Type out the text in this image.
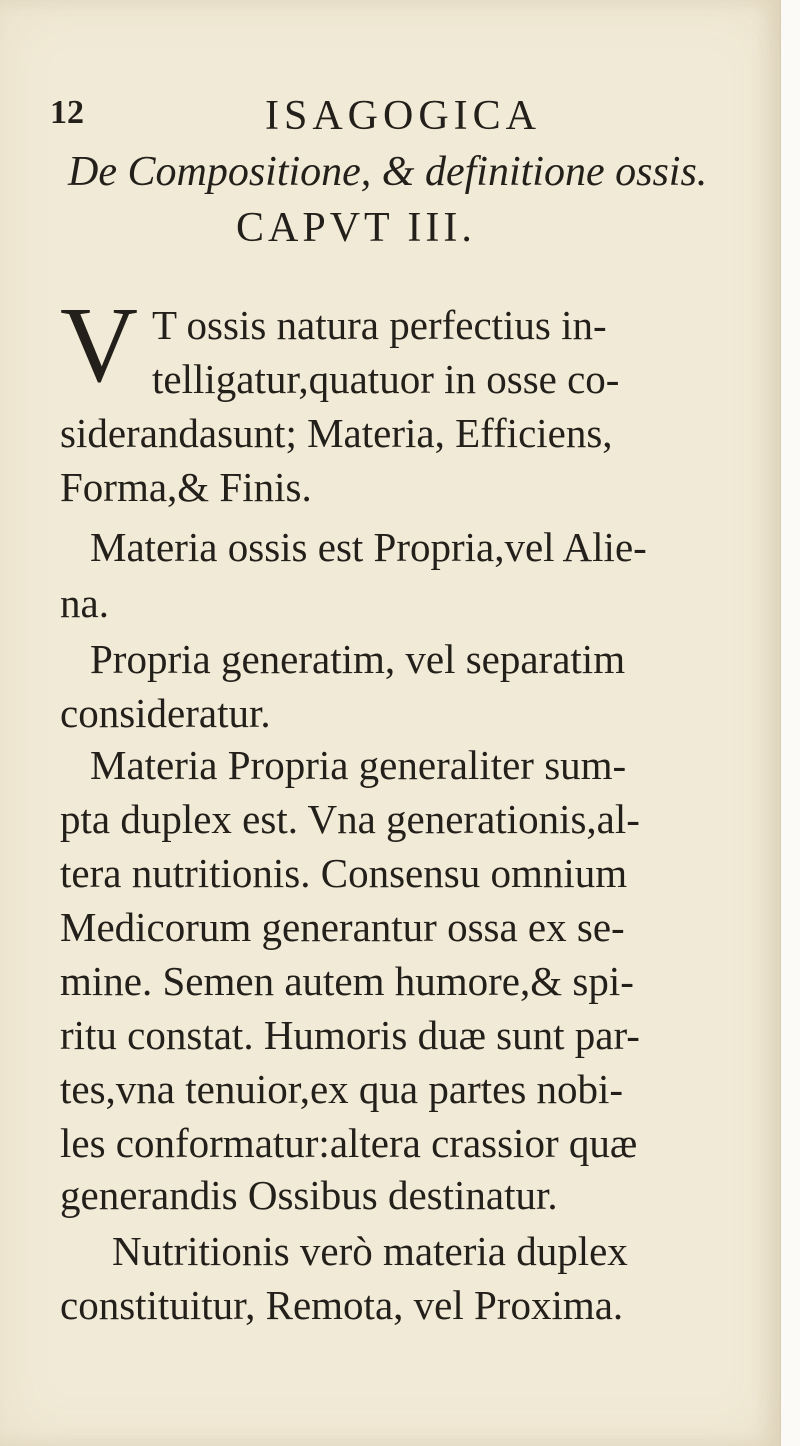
12	ISAGOGICA
De Compositione, & definitione ossis.
CAPVT III.
V T ossis natura perfectius in-
telligatur,quatuor in osse co-
siderandasunt; Materia, Efficiens,
Forma,& Finis.
Materia ossis est Propria,vel Alie-
na.
Propria generatim, vel separatim
consideratur.
Materia Propria generaliter sum-
pta duplex est. Vna generationis,al-
tera nutritionis. Consensu omnium
Medicorum generantur ossa ex se-
mine. Semen autem humore,& spi-
ritu constat. Humoris duæ sunt par-
tes,vna tenuior,ex qua partes nobi-
les conformatur:altera crassior quæ
generandis Ossibus destinatur.
Nutritionis verò materia duplex
constituitur, Remota, vel Proxima.
